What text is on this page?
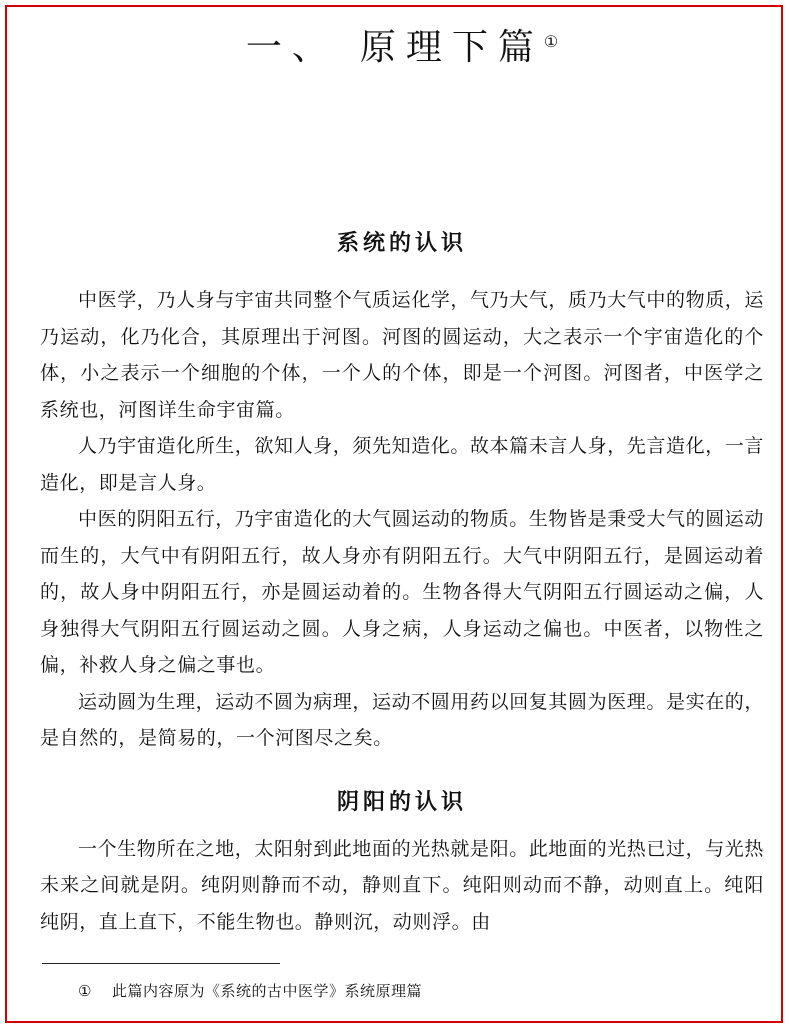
一、 原理下篇①
系统的认识

中医学，乃人身与宇宙共同整个气质运化学，气乃大气，质乃大气中的物质，运乃运动，化乃化合，其原理出于河图。河图的圆运动，大之表示一个宇宙造化的个体，小之表示一个细胞的个体，一个人的个体，即是一个河图。河图者，中医学之系统也，河图详生命宇宙篇。

人乃宇宙造化所生，欲知人身，须先知造化。故本篇未言人身，先言造化，一言造化，即是言人身。

中医的阴阳五行，乃宇宙造化的大气圆运动的物质。生物皆是秉受大气的圆运动而生的，大气中有阴阳五行，故人身亦有阴阳五行。大气中阴阳五行，是圆运动着的，故人身中阴阳五行，亦是圆运动着的。生物各得大气阴阳五行圆运动之偏，人身独得大气阴阳五行圆运动之圆。人身之病，人身运动之偏也。中医者，以物性之偏，补救人身之偏之事也。

运动圆为生理，运动不圆为病理，运动不圆用药以回复其圆为医理。是实在的，是自然的，是简易的，一个河图尽之矣。

阴阳的认识

一个生物所在之地，太阳射到此地面的光热就是阳。此地面的光热已过，与光热未来之间就是阴。纯阴则静而不动，静则直下。纯阳则动而不静，动则直上。纯阳纯阴，直上直下，不能生物也。静则沉，动则浮。由

① 此篇内容原为《系统的古中医学》系统原理篇
